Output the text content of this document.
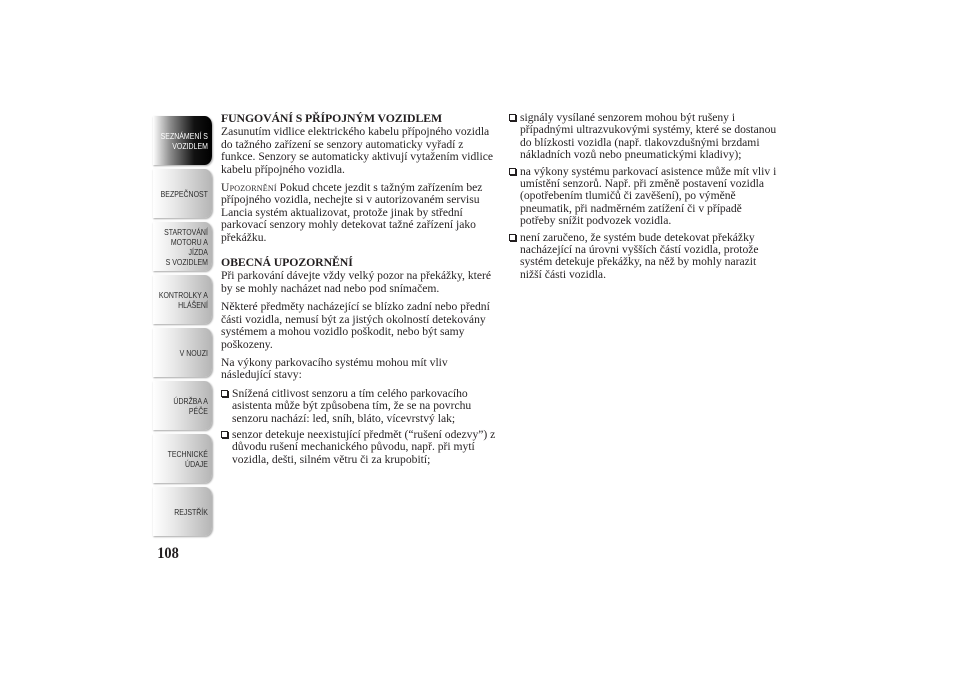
SEZNÁMENÍ S
VOZIDLEM
BEZPEČNOST
STARTOVÁNÍ
MOTORU A JÍZDA
S VOZIDLEM
KONTROLKY A
HLÁŠENÍ
V NOUZI
ÚDRŽBA A PÉČE
TECHNICKÉ
ÚDAJE
REJSTŘÍK
108
FUNGOVÁNÍ S PŘÍPOJNÝM VOZIDLEM

Zasunutím vidlice elektrického kabelu přípojného vozidla do tažného zařízení se senzory automaticky vyřadí z funkce. Senzory se automaticky aktivují vytažením vidlice kabelu přípojného vozidla.

Upozornění Pokud chcete jezdit s tažným zařízením bez přípojného vozidla, nechejte si v autorizovaném servisu Lancia systém aktualizovat, protože jinak by střední parkovací senzory mohly detekovat tažné zařízení jako překážku.

OBECNÁ UPOZORNĚNÍ

Při parkování dávejte vždy velký pozor na překážky, které by se mohly nacházet nad nebo pod snímačem.

Některé předměty nacházející se blízko zadní nebo přední části vozidla, nemusí být za jistých okolností detekovány systémem a mohou vozidlo poškodit, nebo být samy poškozeny.

Na výkony parkovacího systému mohou mít vliv následující stavy:

Snížená citlivost senzoru a tím celého parkovacího asistenta může být způsobena tím, že se na povrchu senzoru nachází: led, sníh, bláto, vícevrstvý lak;
senzor detekuje neexistující předmět (“rušení odezvy”) z důvodu rušení mechanického původu, např. při mytí vozidla, dešti, silném větru či za krupobití;
signály vysílané senzorem mohou být rušeny i případnými ultrazvukovými systémy, které se dostanou do blízkosti vozidla (např. tlakovzdušnými brzdami nákladních vozů nebo pneumatickými kladivy);
na výkony systému parkovací asistence může mít vliv i umístění senzorů. Např. při změně postavení vozidla (opotřebením tlumičů či zavěšení), po výměně pneumatik, při nadměrném zatížení či v případě potřeby snížit podvozek vozidla.
není zaručeno, že systém bude detekovat překážky nacházející na úrovni vyšších částí vozidla, protože systém detekuje překážky, na něž by mohly narazit nižší části vozidla.
